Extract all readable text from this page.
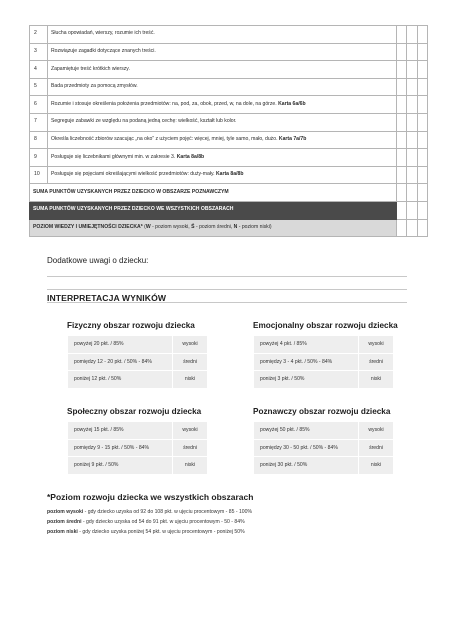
2	Słucha opowiadań, wierszy, rozumie ich treść.			
3	Rozwiązuje zagadki dotyczące znanych treści.			
4	Zapamiętuje treść krótkich wierszy.			
5	Bada przedmioty za pomocą zmysłów.			
6	Rozumie i stosuje określenia położenia przedmiotów: na, pod, za, obok, przed, w, na dole, na górze. Karta 6a/6b			
7	Segreguje zabawki ze względu na podaną jedną cechę: wielkość, kształt lub kolor.			
8	Określa liczebność zbiorów szacując „na oko” z użyciem pojęć: więcej, mniej, tyle samo, mało, dużo. Karta 7a/7b			
9	Posługuje się liczebnikami głównymi min. w zakresie 3. Karta 8a/8b			
10	Posługuje się pojęciami określającymi wielkość przedmiotów: duży-mały. Karta 8a/8b			
SUMA PUNKTÓW UZYSKANYCH PRZEZ DZIECKO W OBSZARZE POZNAWCZYM				
SUMA PUNKTÓW UZYSKANYCH PRZEZ DZIECKO WE WSZYSTKICH OBSZARACH				
POZIOM WIEDZY I UMIEJĘTNOŚCI DZIECKA* (W - poziom wysoki, Ś - poziom średni, N - poziom niski)				
Dodatkowe uwagi o dziecku:
INTERPRETACJA WYNIKÓW
Fizyczny obszar rozwoju dziecka
powyżej 20 pkt. / 85%	wysoki
pomiędzy 12 - 20 pkt. / 50% - 84%	średni
poniżej 12 pkt. / 50%	niski
Emocjonalny obszar rozwoju dziecka
powyżej 4 pkt. / 85%	wysoki
pomiędzy 3 - 4 pkt. / 50% - 84%	średni
poniżej 3 pkt. / 50%	niski
Społeczny obszar rozwoju dziecka
powyżej 15 pkt. / 85%	wysoki
pomiędzy 9 - 15 pkt. / 50% - 84%	średni
poniżej 9 pkt. / 50%	niski
Poznawczy obszar rozwoju dziecka
powyżej 50 pkt. / 85%	wysoki
pomiędzy 30 - 50 pkt. / 50% - 84%	średni
poniżej 30 pkt. / 50%	niski
*Poziom rozwoju dziecka we wszystkich obszarach
poziom wysoki - gdy dziecko uzyska od 92 do 108 pkt. w ujęciu procentowym - 85 - 100%
poziom średni - gdy dziecko uzyska od 54 do 91 pkt. w ujęciu procentowym - 50 - 84%
poziom niski - gdy dziecko uzyska poniżej 54 pkt. w ujęciu procentowym - poniżej 50%
